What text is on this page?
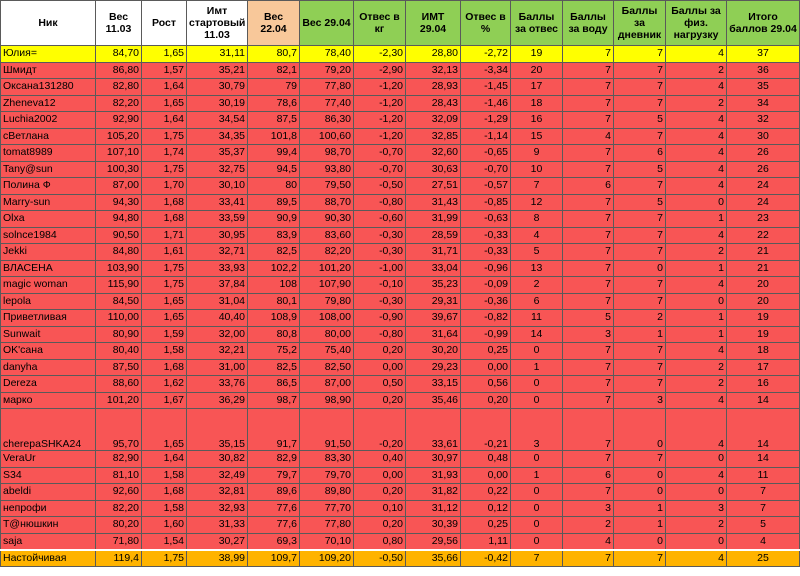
Ник	Вес 11.03	Рост	Имт стартовый 11.03	Вес 22.04	Вес 29.04	Отвес в кг	ИМТ 29.04	Отвес в %	Баллы за отвес	Баллы за воду	Баллы за дневник	Баллы за физ. нагрузку	Итого баллов 29.04
Юлия=	84,70	1,65	31,11	80,7	78,40	-2,30	28,80	-2,72	19	7	7	4	37
Шмидт	86,80	1,57	35,21	82,1	79,20	-2,90	32,13	-3,34	20	7	7	2	36
Оксана131280	82,80	1,64	30,79	79	77,80	-1,20	28,93	-1,45	17	7	7	4	35
Zheneva12	82,20	1,65	30,19	78,6	77,40	-1,20	28,43	-1,46	18	7	7	2	34
Luchia2002	92,90	1,64	34,54	87,5	86,30	-1,20	32,09	-1,29	16	7	5	4	32
cBетлана	105,20	1,75	34,35	101,8	100,60	-1,20	32,85	-1,14	15	4	7	4	30
tomat8989	107,10	1,74	35,37	99,4	98,70	-0,70	32,60	-0,65	9	7	6	4	26
Tany@sun	100,30	1,75	32,75	94,5	93,80	-0,70	30,63	-0,70	10	7	5	4	26
Полина Ф	87,00	1,70	30,10	80	79,50	-0,50	27,51	-0,57	7	6	7	4	24
Marry-sun	94,30	1,68	33,41	89,5	88,70	-0,80	31,43	-0,85	12	7	5	0	24
Olxa	94,80	1,68	33,59	90,9	90,30	-0,60	31,99	-0,63	8	7	7	1	23
solnce1984	90,50	1,71	30,95	83,9	83,60	-0,30	28,59	-0,33	4	7	7	4	22
Jekki	84,80	1,61	32,71	82,5	82,20	-0,30	31,71	-0,33	5	7	7	2	21
ВЛАСЕНА	103,90	1,75	33,93	102,2	101,20	-1,00	33,04	-0,96	13	7	0	1	21
magic woman	115,90	1,75	37,84	108	107,90	-0,10	35,23	-0,09	2	7	7	4	20
lepola	84,50	1,65	31,04	80,1	79,80	-0,30	29,31	-0,36	6	7	7	0	20
Приветливая	110,00	1,65	40,40	108,9	108,00	-0,90	39,67	-0,82	11	5	2	1	19
Sunwait	80,90	1,59	32,00	80,8	80,00	-0,80	31,64	-0,99	14	3	1	1	19
OK'сана	80,40	1,58	32,21	75,2	75,40	0,20	30,20	0,25	0	7	7	4	18
danyha	87,50	1,68	31,00	82,5	82,50	0,00	29,23	0,00	1	7	7	2	17
Dereza	88,60	1,62	33,76	86,5	87,00	0,50	33,15	0,56	0	7	7	2	16
марко	101,20	1,67	36,29	98,7	98,90	0,20	35,46	0,20	0	7	3	4	14
cherepaSHKA24	95,70	1,65	35,15	91,7	91,50	-0,20	33,61	-0,21	3	7	0	4	14
VeraUr	82,90	1,64	30,82	82,9	83,30	0,40	30,97	0,48	0	7	7	0	14
S34	81,10	1,58	32,49	79,7	79,70	0,00	31,93	0,00	1	6	0	4	11
abeldi	92,60	1,68	32,81	89,6	89,80	0,20	31,82	0,22	0	7	0	0	7
непрофи	82,20	1,58	32,93	77,6	77,70	0,10	31,12	0,12	0	3	1	3	7
T@нюшкин	80,20	1,60	31,33	77,6	77,80	0,20	30,39	0,25	0	2	1	2	5
saja	71,80	1,54	30,27	69,3	70,10	0,80	29,56	1,11	0	4	0	0	4
Настойчивая	119,4	1,75	38,99	109,7	109,20	-0,50	35,66	-0,42	7	7	7	4	25
